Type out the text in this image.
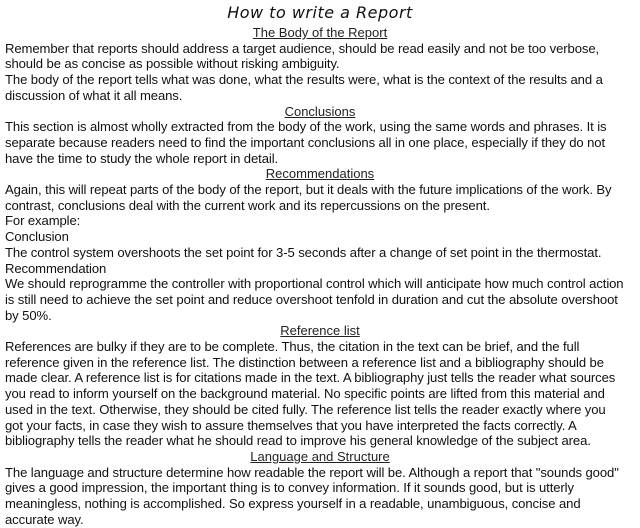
How to write a Report
The Body of the Report
Remember that reports should address a target audience, should be read easily and not be too verbose,
should be as concise as possible without risking ambiguity.
The body of the report tells what was done, what the results were, what is the context of the results and a
discussion of what it all means.
Conclusions
This section is almost wholly extracted from the body of the work, using the same words and phrases. It is
separate because readers need to find the important conclusions all in one place, especially if they do not
have the time to study the whole report in detail.
Recommendations
Again, this will repeat parts of the body of the report, but it deals with the future implications of the work. By
contrast, conclusions deal with the current work and its repercussions on the present.
For example:
Conclusion
The control system overshoots the set point for 3-5 seconds after a change of set point in the thermostat.
Recommendation
We should reprogramme the controller with proportional control which will anticipate how much control action
is still need to achieve the set point and reduce overshoot tenfold in duration and cut the absolute overshoot
by 50%.
Reference list
References are bulky if they are to be complete. Thus, the citation in the text can be brief, and the full
reference given in the reference list. The distinction between a reference list and a bibliography should be
made clear. A reference list is for citations made in the text. A bibliography just tells the reader what sources
you read to inform yourself on the background material. No specific points are lifted from this material and
used in the text. Otherwise, they should be cited fully. The reference list tells the reader exactly where you
got your facts, in case they wish to assure themselves that you have interpreted the facts correctly. A
bibliography tells the reader what he should read to improve his general knowledge of the subject area.
Language and Structure
The language and structure determine how readable the report will be. Although a report that "sounds good"
gives a good impression, the important thing is to convey information. If it sounds good, but is utterly
meaningless, nothing is accomplished. So express yourself in a readable, unambiguous, concise and
accurate way.
